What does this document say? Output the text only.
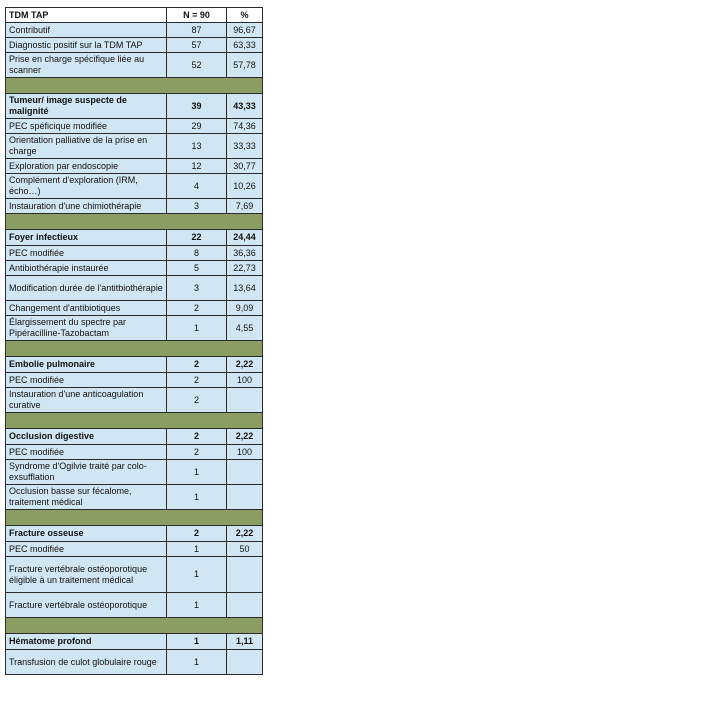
TDM TAP	N = 90	%
Contributif	87	96,67
Diagnostic positif sur la TDM TAP	57	63,33
Prise en charge spécifique liée au scanner	52	57,78

Tumeur/ image suspecte de malignité	39	43,33
PEC spéficique modifiée	29	74,36
Orientation palliative de la prise en charge	13	33,33
Exploration par endoscopie	12	30,77
Complément d'exploration (IRM, écho…)	4	10,26
Instauration d'une chimiothérapie	3	7,69

Foyer infectieux	22	24,44
PEC modifiée	8	36,36
Antibiothérapie instaurée	5	22,73
Modification durée de l'antitbiothérapie	3	13,64
Changement d'antibiotiques	2	9,09
Élargissement du spectre par Pipéracilline-Tazobactam	1	4,55

Embolie pulmonaire	2	2,22
PEC modifiée	2	100
Instauration d'une anticoagulation curative	2	

Occlusion digestive	2	2,22
PEC modifiée	2	100
Syndrome d'Ogilvie traité par colo-exsufflation	1	
Occlusion basse sur fécalome, traitement médical	1	

Fracture osseuse	2	2,22
PEC modifiée	1	50
Fracture vertébrale ostéoporotique éligible à un traitement médical	1	
Fracture vertébrale ostéoporotique	1	

Hématome profond	1	1,11
Transfusion de culot globulaire rouge	1	
